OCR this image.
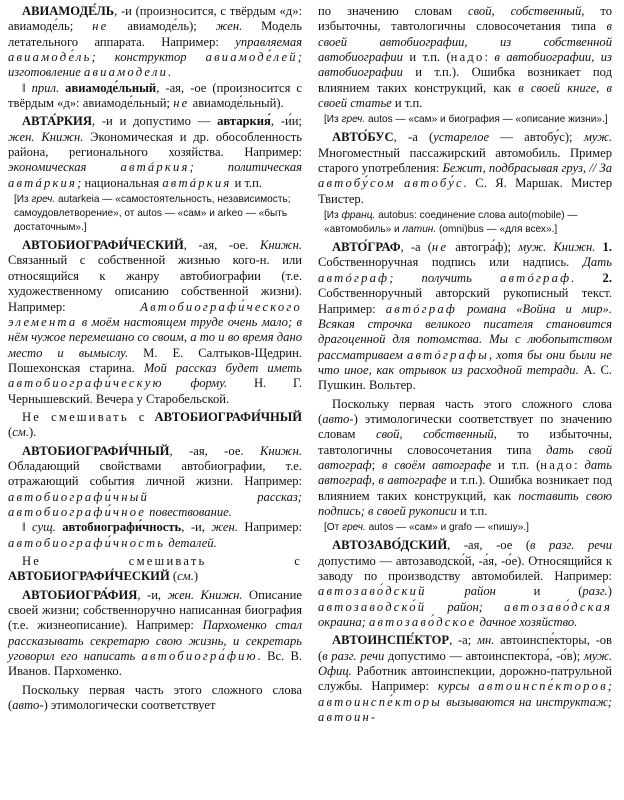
АВИАМОДЕ́ЛЬ, -и (произносится, с твёрдым «д»: авиамоде́ль; не авиамоде́ль); жен. Модель летательного аппарата. Например: управляемая авиамоде́ль; конструктор авиамоде́лей; изготовление авиамодели.

‖ прил. авиамоде́льный, -ая, -ое (произносится с твёрдым «д»: авиамоде́льный; не авиамоде́льный).

АВТА́РКИЯ, -и и допустимо — автаркия́, -и́и; жен. Книжн. Экономическая и др. обособленность района, регионального хозяйства. Например: экономическая автáркия; политическая автáркия; национальная автáркия и т.п.

[Из греч. autarkeia — «самостоятельность, независимость; самоудовлетворение», от autos — «сам» и arkeo — «быть достаточным».]

АВТОБИОГРАФИ́ЧЕСКИЙ, -ая, -ое. Книжн. Связанный с собственной жизнью кого-н. или относящийся к жанру автобиографии (т.е. художественному описанию собственной жизни). Например: Автобиографи́ческого элемента в моём настоящем труде очень мало; в нём чужое перемешано со своим, а то и во время дано место и вымыслу. М. Е. Салтыков-Щедрин. Пошехонская старина. Мой рассказ будет иметь автобиографи́ческую форму. Н. Г. Чернышевский. Вечера у Старобельской.

Не смешивать с АВТОБИОГРАФИ́ЧНЫЙ (см.).

АВТОБИОГРАФИ́ЧНЫЙ, -ая, -ое. Книжн. Обладающий свойствами автобиографии, т.е. отражающий события личной жизни. Например: автобиографи́чный рассказ; автобиографи́чное повествование.

‖ сущ. автобиографи́чность, -и, жен. Например: автобиографи́чность деталей.

Не смешивать с АВТОБИОГРАФИ́ЧЕСКИЙ (см.)

АВТОБИОГРА́ФИЯ, -и, жен. Книжн. Описание своей жизни; собственноручно написанная биография (т.е. жизнеописание). Например: Пархоменко стал рассказывать секретарю свою жизнь, и секретарь уговорил его написать автобиогра́фию. Вс. В. Иванов. Пархоменко.

Поскольку первая часть этого сложного слова (авто-) этимологически соответствует

по значению словам свой, собственный, то избыточны, тавтологичны словосочетания типа в своей автобиографии, из собственной автобиографии и т.п. (надо: в автобиографии, из автобиографии и т.п.). Ошибка возникает под влиянием таких конструкций, как в своей книге, в своей статье и т.п.

[Из греч. autos — «сам» и биография — «описание жизни».]

АВТО́БУС, -а (устарелое — автобу́с); муж. Многоместный пассажирский автомобиль. Пример старого употребления: Бежит, подбрасывая груз, // За автобу́сом автобу́с. С. Я. Маршак. Мистер Твистер.

[Из франц. autobus: соединение слова auto(mobile) — «автомобиль» и латин. (omni)bus — «для всех».]

АВТО́ГРАФ, -а (не автогра́ф); муж. Книжн. 1. Собственноручная подпись или надпись. Дать автóграф; получить автóграф. 2. Собственноручный авторский рукописный текст. Например: автóграф романа «Война и мир». Всякая строчка великого писателя становится драгоценной для потомства. Мы с любопытством рассматриваем автóграфы, хотя бы они были не что иное, как отрывок из расходной тетради. А. С. Пушкин. Вольтер.

Поскольку первая часть этого сложного слова (авто-) этимологически соответствует по значению словам свой, собственный, то избыточны, тавтологичны словосочетания типа дать свой автограф; в своём автографе и т.п. (надо: дать автограф, в автографе и т.п.). Ошибка возникает под влиянием таких конструкций, как поставить свою подпись; в своей рукописи и т.п.

[От греч. autos — «сам» и grafo — «пишу».]

АВТОЗАВО́ДСКИЙ, -ая, -ое (в разг. речи допустимо — автозаводско́й, -а́я, -о́е). Относящийся к заводу по производству автомобилей. Например: автозаво́дский район и (разг.) автозаводско́й район; автозаво́дская окраина; автозаво́дское дачное хозяйство.

АВТОИНСПЕ́КТОР, -а; мн. автоинспе́кторы, -ов (в разг. речи допустимо — автоинспектора́, -о́в); муж. Офиц. Работник автоинспекции, дорожно-патрульной службы. Например: курсы автоинспе́кторов; автоинспе́кторы вызываются на инструктаж; автоин-
